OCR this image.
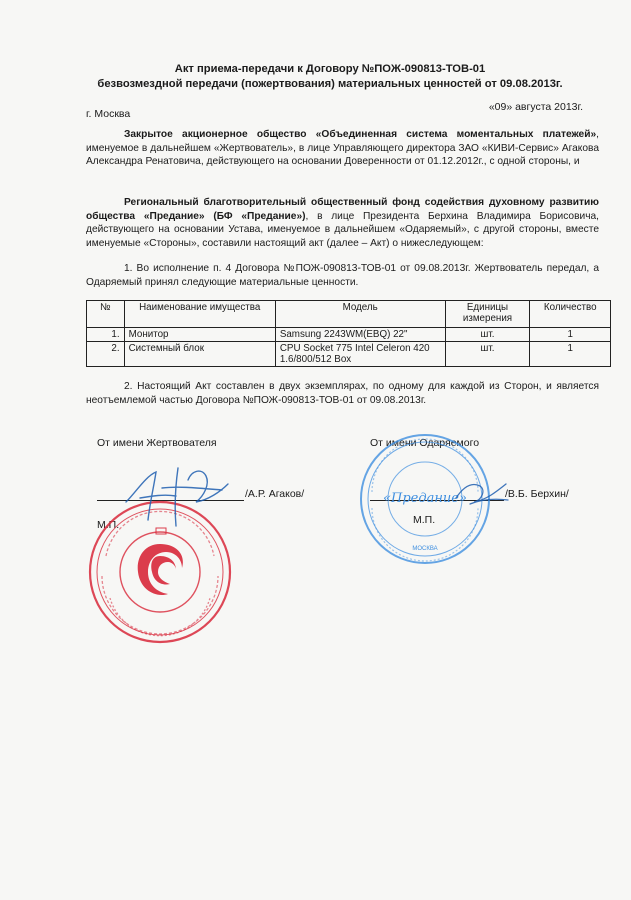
Акт приема-передачи к Договору №ПОЖ-090813-ТОВ-01
безвозмездной передачи (пожертвования) материальных ценностей от 09.08.2013г.
г. Москва
«09» августа 2013г.
Закрытое акционерное общество «Объединенная система моментальных платежей», именуемое в дальнейшем «Жертвователь», в лице Управляющего директора ЗАО «КИВИ-Сервис» Агакова Александра Ренатовича, действующего на основании Доверенности от 01.12.2012г., с одной стороны, и
Региональный благотворительный общественный фонд содействия духовному развитию общества «Предание» (БФ «Предание»), в лице Президента Берхина Владимира Борисовича, действующего на основании Устава, именуемое в дальнейшем «Одаряемый», с другой стороны, вместе именуемые «Стороны», составили настоящий акт (далее – Акт) о нижеследующем:
1. Во исполнение п. 4 Договора №ПОЖ-090813-ТОВ-01 от 09.08.2013г. Жертвователь передал, а Одаряемый принял следующие материальные ценности.
№	Наименование имущества	Модель	Единицы измерения	Количество
1.	Монитор	Samsung 2243WM(EBQ) 22"	шт.	1
2.	Системный блок	CPU Socket 775 Intel Celeron 420 1.6/800/512 Box	шт.	1
2. Настоящий Акт составлен в двух экземплярах, по одному для каждой из Сторон, и является неотъемлемой частью Договора №ПОЖ-090813-ТОВ-01 от 09.08.2013г.
От имени Жертвователя	От имени Одаряемого
/А.Р. Агаков/
М.П.
/В.Б. Берхин/
М.П.
«Предание»
МОСКВА
